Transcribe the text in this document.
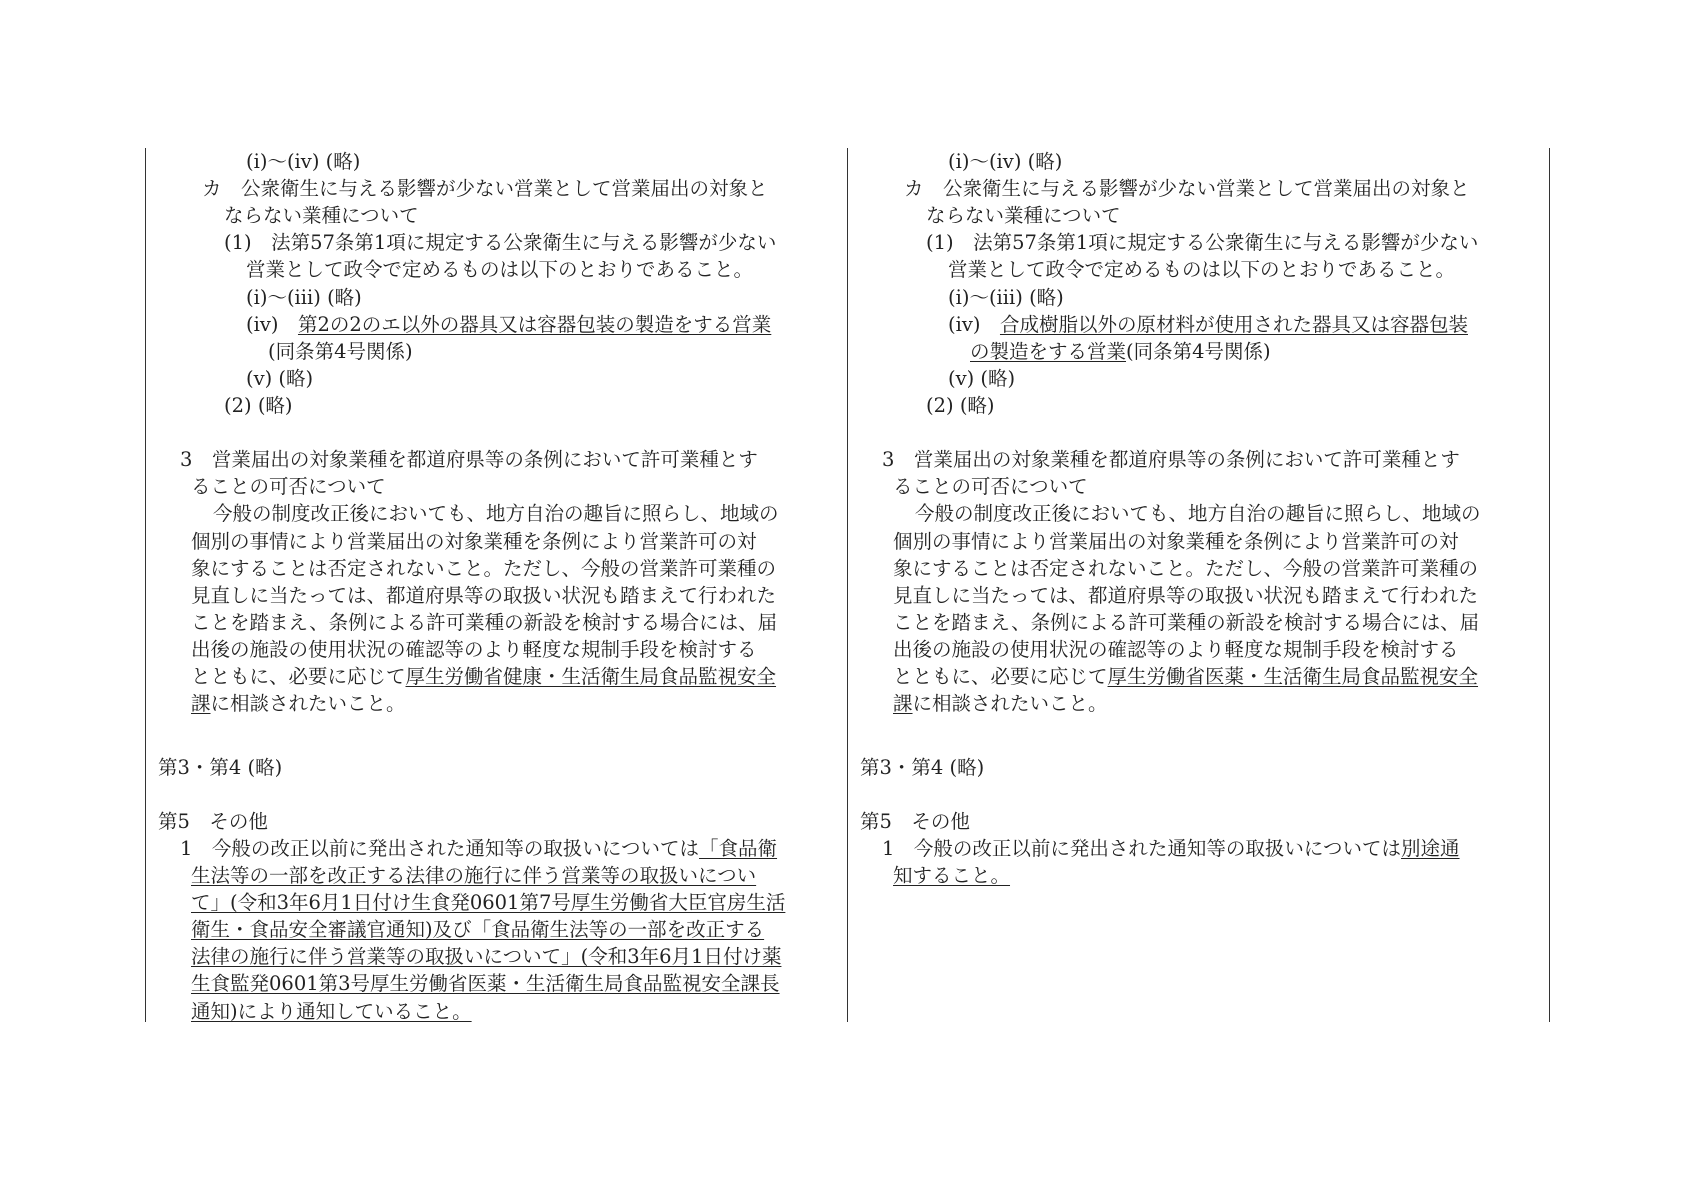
(ⅰ)～(ⅳ) (略)
カ　公衆衛生に与える影響が少ない営業として営業届出の対象と
ならない業種について
(1)　法第57条第1項に規定する公衆衛生に与える影響が少ない
営業として政令で定めるものは以下のとおりであること。
(ⅰ)～(ⅲ) (略)
(ⅳ)　第2の2のエ以外の器具又は容器包装の製造をする営業
(同条第4号関係)
(ⅴ) (略)
(2) (略)
3　営業届出の対象業種を都道府県等の条例において許可業種とす
ることの可否について
今般の制度改正後においても、地方自治の趣旨に照らし、地域の
個別の事情により営業届出の対象業種を条例により営業許可の対
象にすることは否定されないこと。ただし、今般の営業許可業種の
見直しに当たっては、都道府県等の取扱い状況も踏まえて行われた
ことを踏まえ、条例による許可業種の新設を検討する場合には、届
出後の施設の使用状況の確認等のより軽度な規制手段を検討する
とともに、必要に応じて厚生労働省健康・生活衛生局食品監視安全
課に相談されたいこと。
第3・第4 (略)
第5　その他
1　今般の改正以前に発出された通知等の取扱いについては「食品衛
生法等の一部を改正する法律の施行に伴う営業等の取扱いについ
て」(令和3年6月1日付け生食発0601第7号厚生労働省大臣官房生活
衛生・食品安全審議官通知)及び「食品衛生法等の一部を改正する
法律の施行に伴う営業等の取扱いについて」(令和3年6月1日付け薬
生食監発0601第3号厚生労働省医薬・生活衛生局食品監視安全課長
通知)により通知していること。
(ⅰ)～(ⅳ) (略)
カ　公衆衛生に与える影響が少ない営業として営業届出の対象と
ならない業種について
(1)　法第57条第1項に規定する公衆衛生に与える影響が少ない
営業として政令で定めるものは以下のとおりであること。
(ⅰ)～(ⅲ) (略)
(ⅳ)　合成樹脂以外の原材料が使用された器具又は容器包装
の製造をする営業(同条第4号関係)
(ⅴ) (略)
(2) (略)
3　営業届出の対象業種を都道府県等の条例において許可業種とす
ることの可否について
今般の制度改正後においても、地方自治の趣旨に照らし、地域の
個別の事情により営業届出の対象業種を条例により営業許可の対
象にすることは否定されないこと。ただし、今般の営業許可業種の
見直しに当たっては、都道府県等の取扱い状況も踏まえて行われた
ことを踏まえ、条例による許可業種の新設を検討する場合には、届
出後の施設の使用状況の確認等のより軽度な規制手段を検討する
とともに、必要に応じて厚生労働省医薬・生活衛生局食品監視安全
課に相談されたいこと。
第3・第4 (略)
第5　その他
1　今般の改正以前に発出された通知等の取扱いについては別途通
知すること。
